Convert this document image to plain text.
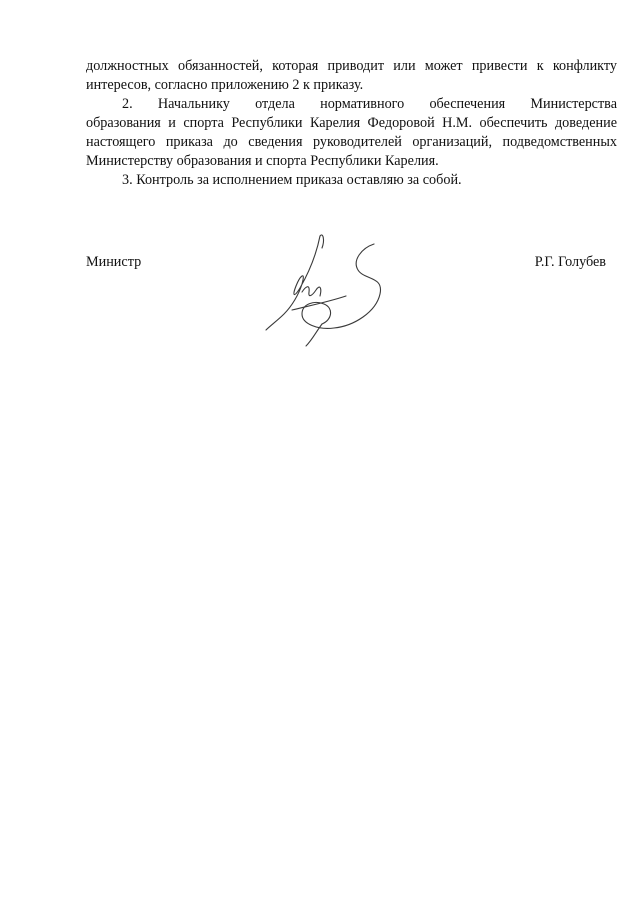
должностных обязанностей, которая приводит или может привести к конфликту интересов, согласно приложению 2 к приказу.

2. Начальнику отдела нормативного обеспечения Министерства
образования и спорта Республики Карелия Федоровой Н.М. обеспечить доведение
настоящего приказа до сведения руководителей организаций, подведомственных
Министерству образования и спорта Республики Карелия.

3. Контроль за исполнением приказа оставляю за собой.

Министр	Р.Г. Голубев
